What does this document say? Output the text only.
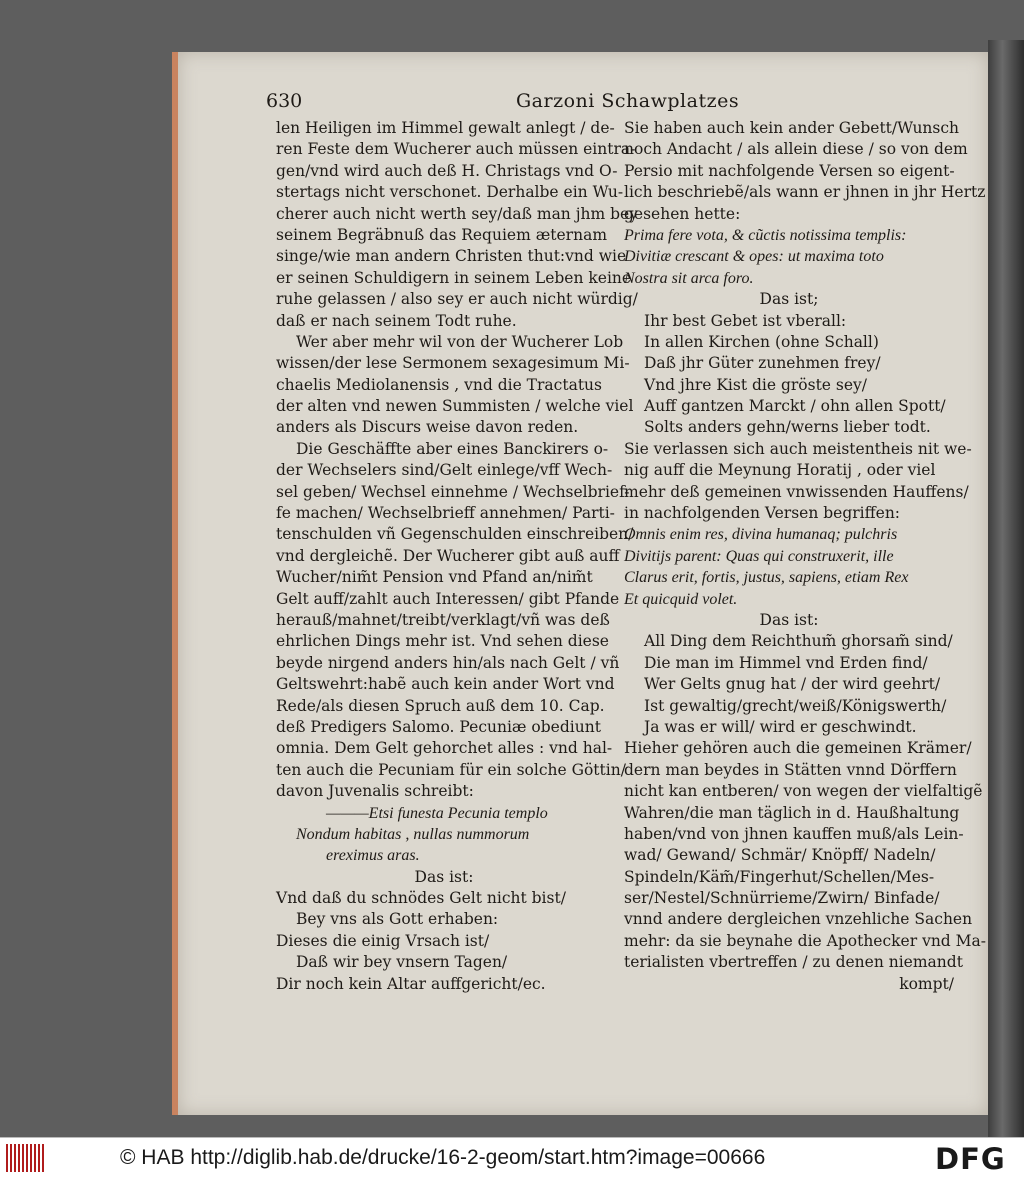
630	Garzoni Schawplatzes
len Heiligen im Himmel gewalt anlegt / de-
ren Feste dem Wucherer auch müssen eintra-
gen/vnd wird auch deß H. Christags vnd O-
stertags nicht verschonet. Derhalbe ein Wu-
cherer auch nicht werth sey/daß man jhm bey
seinem Begräbnuß das Requiem æternam
singe/wie man andern Christen thut:vnd wie
er seinen Schuldigern in seinem Leben keine
ruhe gelassen / also sey er auch nicht würdig/
daß er nach seinem Todt ruhe.
Wer aber mehr wil von der Wucherer Lob
wissen/der lese Sermonem sexagesimum Mi-
chaelis Mediolanensis , vnd die Tractatus
der alten vnd newen Summisten / welche viel
anders als Discurs weise davon reden.
Die Geschäffte aber eines Banckirers o-
der Wechselers sind/Gelt einlege/vff Wech-
sel geben/ Wechsel einnehme / Wechselbrief-
fe machen/ Wechselbrieff annehmen/ Parti-
tenschulden vñ Gegenschulden einschreiben/
vnd dergleichẽ. Der Wucherer gibt auß auff
Wucher/nim̃t Pension vnd Pfand an/nim̃t
Gelt auff/zahlt auch Interessen/ gibt Pfande
herauß/mahnet/treibt/verklagt/vñ was deß
ehrlichen Dings mehr ist. Vnd sehen diese
beyde nirgend anders hin/als nach Gelt / vñ
Geltswehrt:habẽ auch kein ander Wort vnd
Rede/als diesen Spruch auß dem 10. Cap.
deß Predigers Salomo. Pecuniæ obediunt
omnia. Dem Gelt gehorchet alles : vnd hal-
ten auch die Pecuniam für ein solche Göttin/
davon Juvenalis schreibt:
———Etsi funesta Pecunia templo
Nondum habitas , nullas nummorum
ereximus aras.
Das ist:
Vnd daß du schnödes Gelt nicht bist/
Bey vns als Gott erhaben:
Dieses die einig Vrsach ist/
Daß wir bey vnsern Tagen/
Dir noch kein Altar auffgericht/ec.
Sie haben auch kein ander Gebett/Wunsch
noch Andacht / als allein diese / so von dem
Persio mit nachfolgende Versen so eigent-
lich beschriebẽ/als wann er jhnen in jhr Hertz
gesehen hette:
Prima fere vota, & cũctis notissima templis:
Divitiæ crescant & opes: ut maxima toto
Nostra sit arca foro.
Das ist;
Ihr best Gebet ist vberall:
In allen Kirchen (ohne Schall)
Daß jhr Güter zunehmen frey/
Vnd jhre Kist die gröste sey/
Auff gantzen Marckt / ohn allen Spott/
Solts anders gehn/werns lieber todt.
Sie verlassen sich auch meistentheis nit we-
nig auff die Meynung Horatij , oder viel
mehr deß gemeinen vnwissenden Hauffens/
in nachfolgenden Versen begriffen:
Omnis enim res, divina humanaq; pulchris
Divitijs parent: Quas qui construxerit, ille
Clarus erit, fortis, justus, sapiens, etiam Rex
Et quicquid volet.
Das ist:
All Ding dem Reichthum̃ ghorsam̃ sind/
Die man im Himmel vnd Erden find/
Wer Gelts gnug hat / der wird geehrt/
Ist gewaltig/grecht/weiß/Königswerth/
Ja was er will/ wird er geschwindt.
Hieher gehören auch die gemeinen Krämer/
dern man beydes in Stätten vnnd Dörffern
nicht kan entberen/ von wegen der vielfaltigẽ
Wahren/die man täglich in d. Haußhaltung
haben/vnd von jhnen kauffen muß/als Lein-
wad/ Gewand/ Schmär/ Knöpff/ Nadeln/
Spindeln/Käm̃/Fingerhut/Schellen/Mes-
ser/Nestel/Schnürrieme/Zwirn/ Binfade/
vnnd andere dergleichen vnzehliche Sachen
mehr: da sie beynahe die Apothecker vnd Ma-
terialisten vbertreffen / zu denen niemandt
kompt/
© HAB http://diglib.hab.de/drucke/16-2-geom/start.htm?image=00666	DFG
